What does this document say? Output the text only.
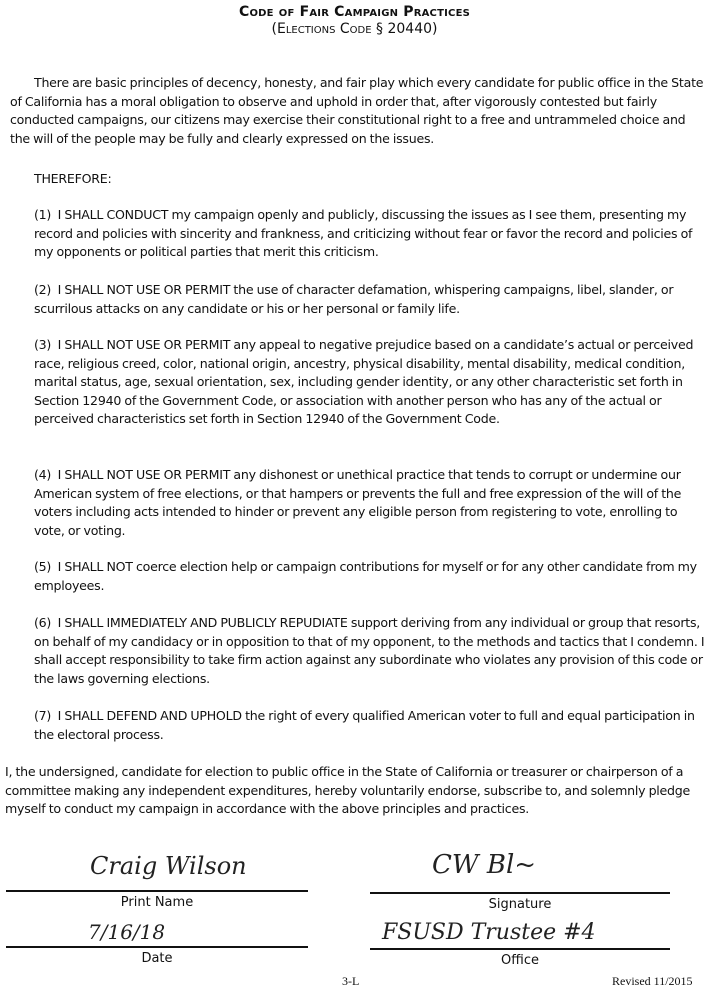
Code of Fair Campaign Practices
(Elections Code § 20440)
There are basic principles of decency, honesty, and fair play which every candidate for public office in the State of California has a moral obligation to observe and uphold in order that, after vigorously contested but fairly conducted campaigns, our citizens may exercise their constitutional right to a free and untrammeled choice and the will of the people may be fully and clearly expressed on the issues.
THEREFORE:
(1) I SHALL CONDUCT my campaign openly and publicly, discussing the issues as I see them, presenting my record and policies with sincerity and frankness, and criticizing without fear or favor the record and policies of my opponents or political parties that merit this criticism.
(2) I SHALL NOT USE OR PERMIT the use of character defamation, whispering campaigns, libel, slander, or scurrilous attacks on any candidate or his or her personal or family life.
(3) I SHALL NOT USE OR PERMIT any appeal to negative prejudice based on a candidate’s actual or perceived race, religious creed, color, national origin, ancestry, physical disability, mental disability, medical condition, marital status, age, sexual orientation, sex, including gender identity, or any other characteristic set forth in Section 12940 of the Government Code, or association with another person who has any of the actual or perceived characteristics set forth in Section 12940 of the Government Code.
(4) I SHALL NOT USE OR PERMIT any dishonest or unethical practice that tends to corrupt or undermine our American system of free elections, or that hampers or prevents the full and free expression of the will of the voters including acts intended to hinder or prevent any eligible person from registering to vote, enrolling to vote, or voting.
(5) I SHALL NOT coerce election help or campaign contributions for myself or for any other candidate from my employees.
(6) I SHALL IMMEDIATELY AND PUBLICLY REPUDIATE support deriving from any individual or group that resorts, on behalf of my candidacy or in opposition to that of my opponent, to the methods and tactics that I condemn. I shall accept responsibility to take firm action against any subordinate who violates any provision of this code or the laws governing elections.
(7) I SHALL DEFEND AND UPHOLD the right of every qualified American voter to full and equal participation in the electoral process.
I, the undersigned, candidate for election to public office in the State of California or treasurer or chairperson of a committee making any independent expenditures, hereby voluntarily endorse, subscribe to, and solemnly pledge myself to conduct my campaign in accordance with the above principles and practices.
Craig Wilson
Print Name
CW Bl~
Signature
7/16/18
Date
FSUSD Trustee #4
Office
3-L	Revised 11/2015
